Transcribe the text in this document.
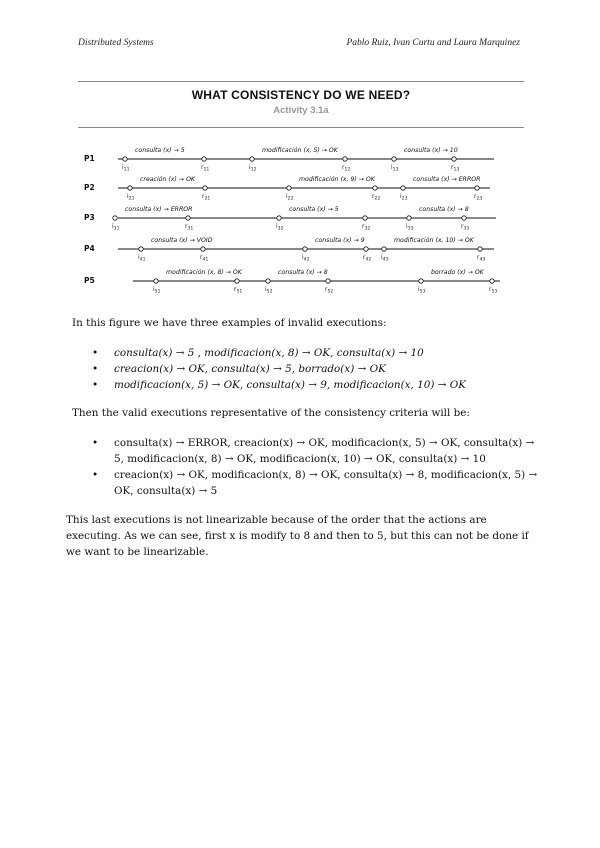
Distributed Systems	Pablo Ruiz, Ivan Curtu and Laura Marquinez
WHAT CONSISTENCY DO WE NEED?
Activity 3.1a
P1
consulta (x) → 5
$i_{11}$	$r_{11}$
modificación (x, 5) → OK
$i_{12}$	$r_{12}$
consulta (x) → 10
$i_{13}$	$r_{13}$
P2
creación (x) → OK
$i_{21}$	$r_{21}$
modificación (x, 9) → OK
$i_{22}$	$r_{22}$
consulta (x) → ERROR
$i_{23}$	$r_{23}$
P3
consulta (x) → ERROR
$i_{31}$	$r_{31}$
consulta (x) → 5
$i_{32}$	$r_{32}$
consulta (x) → 8
$i_{33}$	$r_{33}$
P4
consulta (x) → VOID
$i_{41}$	$r_{41}$
consulta (x) → 9
$i_{42}$	$r_{42}$
modificación (x, 10) → OK
$i_{43}$	$r_{43}$
P5
modificación (x, 8) → OK
$i_{51}$	$r_{51}$
consulta (x) → 8
$i_{52}$	$r_{52}$
borrado (x) → OK
$i_{53}$	$r_{53}$
In this figure we have three examples of invalid executions:
• consulta(x) → 5 , modificacion(x, 8) → OK, consulta(x) → 10
• creacion(x) → OK, consulta(x) → 5, borrado(x) → OK
• modificacion(x, 5) → OK, consulta(x) → 9, modificacion(x, 10) → OK
Then the valid executions representative of the consistency criteria will be:
• consulta(x) → ERROR, creacion(x) → OK, modificacion(x, 5) → OK, consulta(x) → 5, modificacion(x, 8) → OK, modificacion(x, 10) → OK, consulta(x) → 10
• creacion(x) → OK, modificacion(x, 8) → OK, consulta(x) → 8, modificacion(x, 5) → OK, consulta(x) → 5
This last executions is not linearizable because of the order that the actions are executing. As we can see, first x is modify to 8 and then to 5, but this can not be done if we want to be linearizable.
